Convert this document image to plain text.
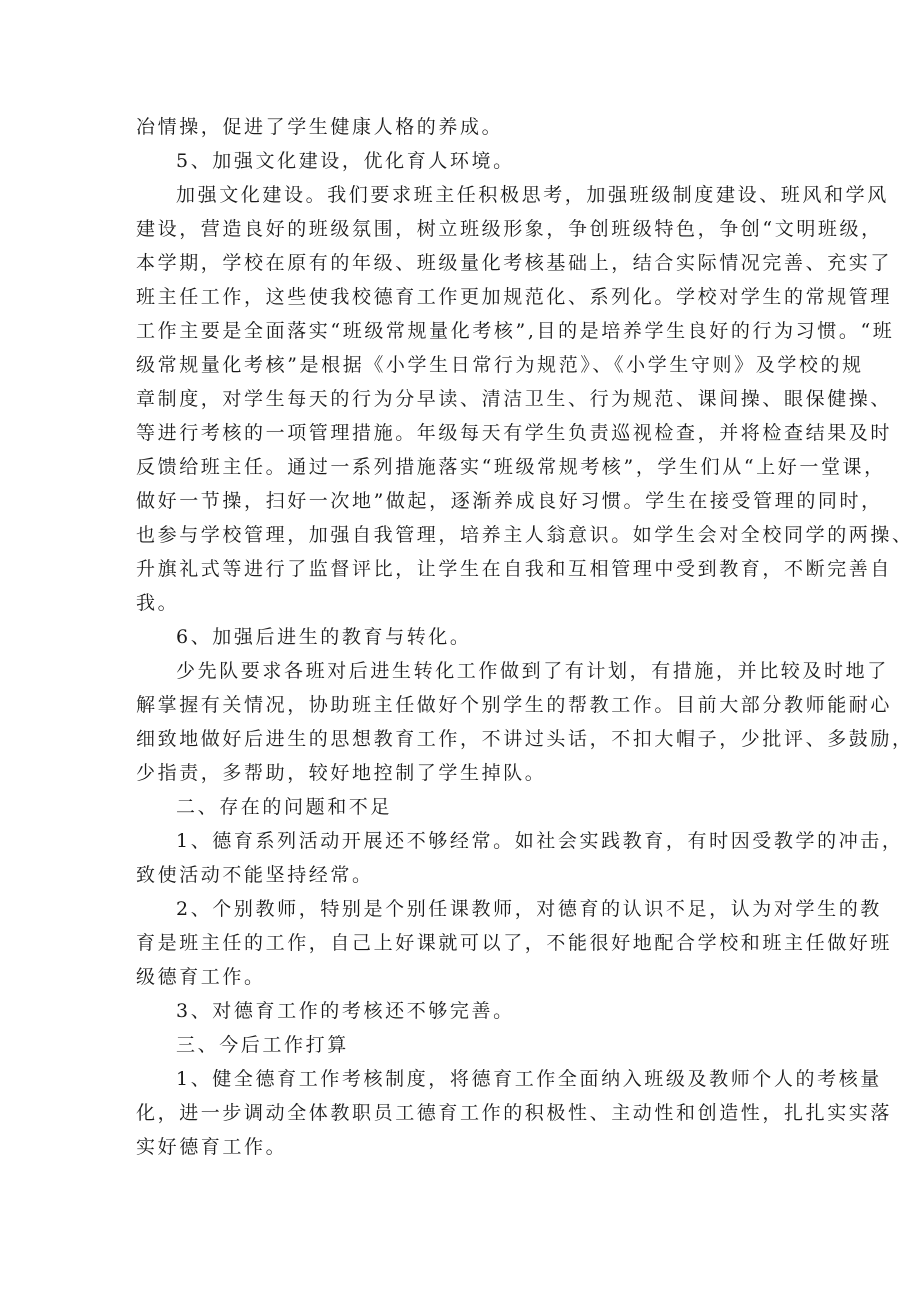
冶情操，促进了学生健康人格的养成。
5、加强文化建设，优化育人环境。
加强文化建设。我们要求班主任积极思考，加强班级制度建设、班风和学风
建设，营造良好的班级氛围，树立班级形象，争创班级特色，争创“文明班级，
本学期，学校在原有的年级、班级量化考核基础上，结合实际情况完善、充实了
班主任工作，这些使我校德育工作更加规范化、系列化。学校对学生的常规管理
工作主要是全面落实“班级常规量化考核”,目的是培养学生良好的行为习惯。“班
级常规量化考核”是根据《小学生日常行为规范》、《小学生守则》及学校的规
章制度，对学生每天的行为分早读、清洁卫生、行为规范、课间操、眼保健操、
等进行考核的一项管理措施。年级每天有学生负责巡视检查，并将检查结果及时
反馈给班主任。通过一系列措施落实“班级常规考核”，学生们从“上好一堂课，
做好一节操，扫好一次地”做起，逐渐养成良好习惯。学生在接受管理的同时，
也参与学校管理，加强自我管理，培养主人翁意识。如学生会对全校同学的两操、
升旗礼式等进行了监督评比，让学生在自我和互相管理中受到教育，不断完善自
我。
6、加强后进生的教育与转化。
少先队要求各班对后进生转化工作做到了有计划，有措施，并比较及时地了
解掌握有关情况，协助班主任做好个别学生的帮教工作。目前大部分教师能耐心
细致地做好后进生的思想教育工作，不讲过头话，不扣大帽子，少批评、多鼓励，
少指责，多帮助，较好地控制了学生掉队。
二、存在的问题和不足
1、德育系列活动开展还不够经常。如社会实践教育，有时因受教学的冲击，
致使活动不能坚持经常。
2、个别教师，特别是个别任课教师，对德育的认识不足，认为对学生的教
育是班主任的工作，自己上好课就可以了，不能很好地配合学校和班主任做好班
级德育工作。
3、对德育工作的考核还不够完善。
三、今后工作打算
1、健全德育工作考核制度，将德育工作全面纳入班级及教师个人的考核量
化，进一步调动全体教职员工德育工作的积极性、主动性和创造性，扎扎实实落
实好德育工作。
